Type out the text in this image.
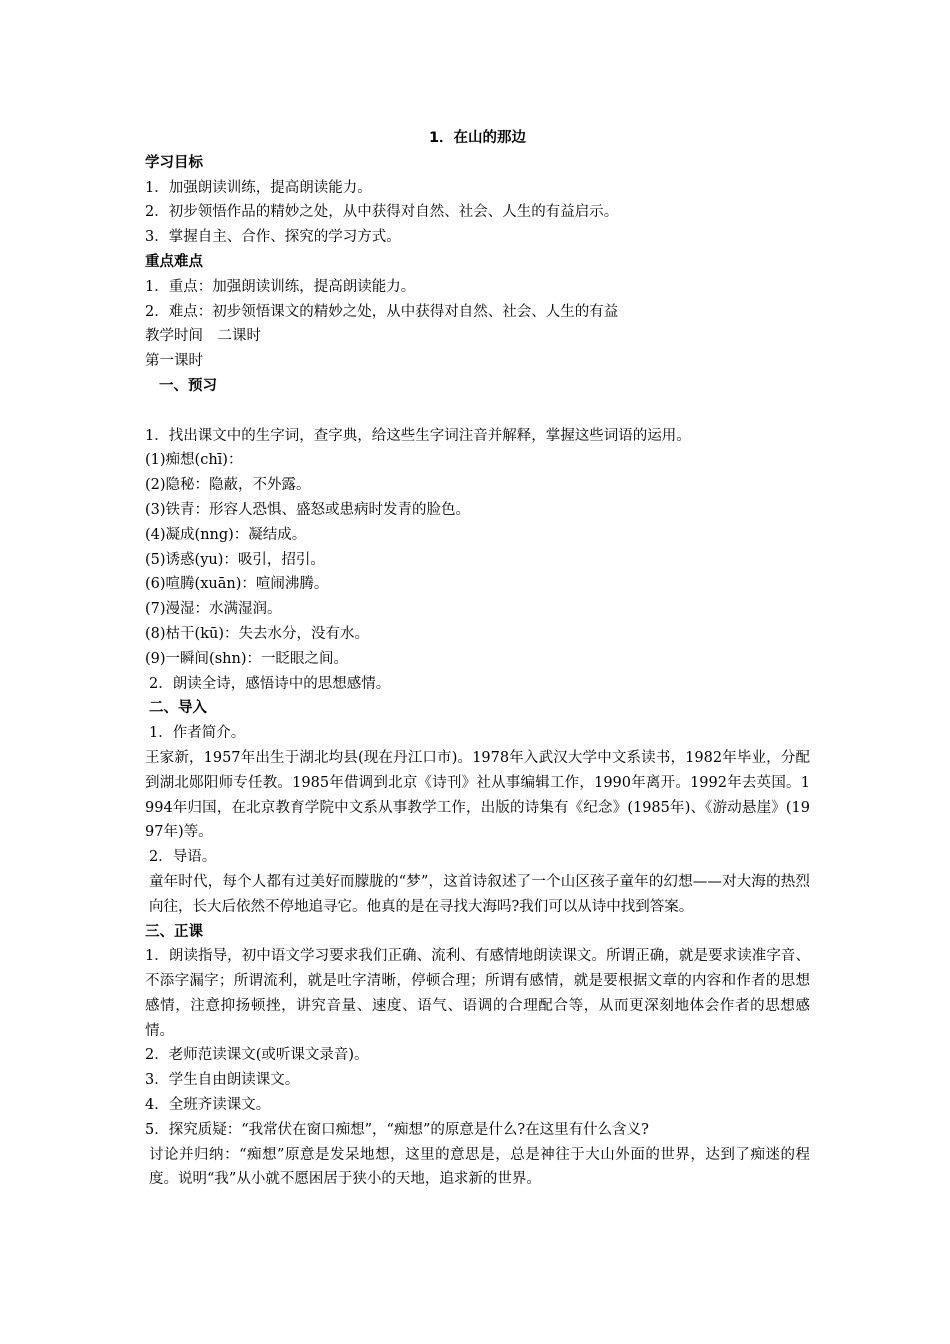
1．在山的那边
学习目标
1．加强朗读训练，提高朗读能力。
2．初步领悟作品的精妙之处，从中获得对自然、社会、人生的有益启示。
3．掌握自主、合作、探究的学习方式。
重点难点
1．重点：加强朗读训练，提高朗读能力。
2．难点：初步领悟课文的精妙之处，从中获得对自然、社会、人生的有益
教学时间　二课时
第一课时
一、预习
1．找出课文中的生字词，查字典，给这些生字词注音并解释，掌握这些词语的运用。
(1)痴想(chī)：
(2)隐秘：隐蔽，不外露。
(3)铁青：形容人恐惧、盛怒或患病时发青的脸色。
(4)凝成(nng)：凝结成。
(5)诱惑(yu)：吸引，招引。
(6)喧腾(xuān)：喧闹沸腾。
(7)漫湿：水满湿润。
(8)枯干(kū)：失去水分，没有水。
(9)一瞬间(shn)：一眨眼之间。
2．朗读全诗，感悟诗中的思想感情。
二、导入
1．作者简介。
王家新，1957年出生于湖北均县(现在丹江口市)。1978年入武汉大学中文系读书，1982年毕业，分配到湖北郧阳师专任教。1985年借调到北京《诗刊》社从事编辑工作，1990年离开。1992年去英国。1994年归国，在北京教育学院中文系从事教学工作，出版的诗集有《纪念》(1985年)、《游动悬崖》(1997年)等。
2．导语。
童年时代，每个人都有过美好而朦胧的“梦”，这首诗叙述了一个山区孩子童年的幻想——对大海的热烈向往，长大后依然不停地追寻它。他真的是在寻找大海吗?我们可以从诗中找到答案。
三、正课
1．朗读指导，初中语文学习要求我们正确、流利、有感情地朗读课文。所谓正确，就是要求读准字音、不添字漏字；所谓流利，就是吐字清晰，停顿合理；所谓有感情，就是要根据文章的内容和作者的思想感情，注意抑扬顿挫，讲究音量、速度、语气、语调的合理配合等，从而更深刻地体会作者的思想感情。
2．老师范读课文(或听课文录音)。
3．学生自由朗读课文。
4．全班齐读课文。
5．探究质疑：“我常伏在窗口痴想”，“痴想”的原意是什么?在这里有什么含义?
讨论并归纳：“痴想”原意是发呆地想，这里的意思是，总是神往于大山外面的世界，达到了痴迷的程度。说明“我”从小就不愿困居于狭小的天地，追求新的世界。
